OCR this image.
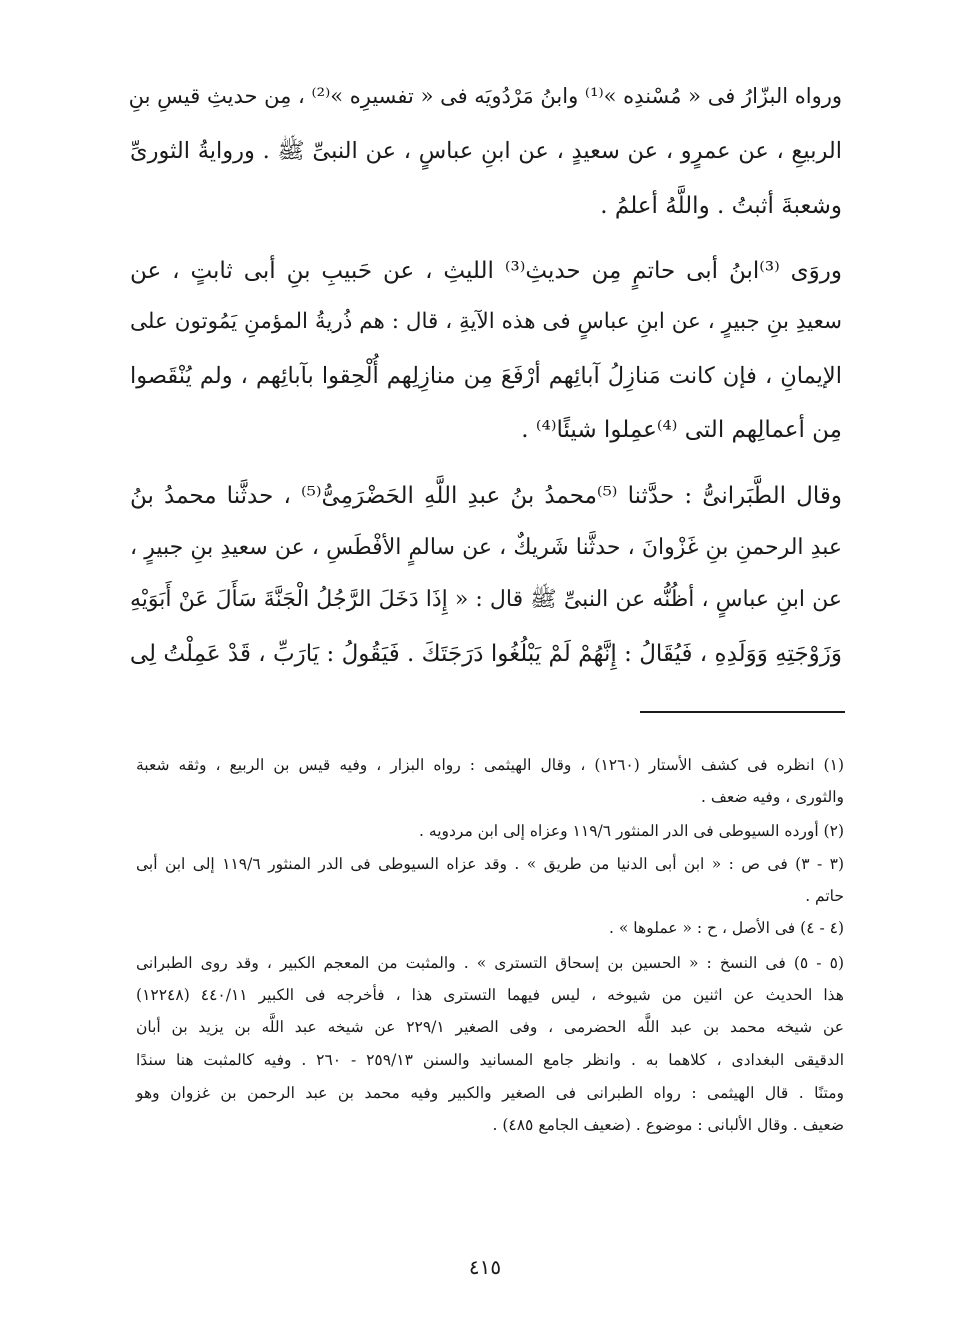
ورواه البزّارُ فى « مُسْندِه »⁽¹⁾ وابنُ مَرْدُويَه فى « تفسيرِه »⁽²⁾ ، مِن حديثِ قيسِ بنِ
الربيعِ ، عن عمرٍو ، عن سعيدٍ ، عن ابنِ عباسٍ ، عن النبىِّ ﷺ . وروايةُ الثورىِّ
وشعبةَ أثبتُ . واللَّهُ أعلمُ .
وروَى ⁽³⁾ابنُ أبى حاتمٍ مِن حديثِ⁽³⁾ الليثِ ، عن حَبيبِ بنِ أبى ثابتٍ ، عن
سعيدِ بنِ جبيرٍ ، عن ابنِ عباسٍ فى هذه الآيةِ ، قال : هم ذُريةُ المؤمنِ يَمُوتون على
الإيمانِ ، فإن كانت مَنازِلُ آبائِهم أرْفَعَ مِن منازِلِهم أُلْحِقوا بآبائِهم ، ولم يُنْقَصوا
مِن أعمالِهم التى ⁽⁴⁾عمِلوا شيئًا⁽⁴⁾ .
وقال الطَّبَرانىُّ : حدَّثنا ⁽⁵⁾محمدُ بنُ عبدِ اللَّهِ الحَضْرَمِىُّ⁽⁵⁾ ، حدثَّنا محمدُ بنُ
عبدِ الرحمنِ بنِ غَزْوانَ ، حدثَّنا شَريكٌ ، عن سالمٍ الأفْطَسِ ، عن سعيدِ بنِ جبيرٍ ،
عن ابنِ عباسٍ ، أظُنُّه عن النبىِّ ﷺ قال : « إِذَا دَخَلَ الرَّجُلُ الْجَنَّةَ سَأَلَ عَنْ أَبَوَيْهِ
وَزَوْجَتِهِ وَوَلَدِهِ ، فَيُقَالُ : إِنَّهُمْ لَمْ يَبْلُغُوا دَرَجَتَكَ . فَيَقُولُ : يَارَبِّ ، قَدْ عَمِلْتُ لِى
(١) انظره فى كشف الأستار (١٢٦٠) ، وقال الهيثمى : رواه البزار ، وفيه قيس بن الربيع ، وثقه شعبة
والثورى ، وفيه ضعف .
(٢) أورده السيوطى فى الدر المنثور ١١٩/٦ وعزاه إلى ابن مردويه .
(٣ - ٣) فى ص : « ابن أبى الدنيا من طريق » . وقد عزاه السيوطى فى الدر المنثور ١١٩/٦ إلى ابن أبى
حاتم .
(٤ - ٤) فى الأصل ، ح : « عملوها » .
(٥ - ٥) فى النسخ : « الحسين بن إسحاق التسترى » . والمثبت من المعجم الكبير ، وقد روى الطبرانى
هذا الحديث عن اثنين من شيوخه ، ليس فيهما التسترى هذا ، فأخرجه فى الكبير ٤٤٠/١١ (١٢٢٤٨)
عن شيخه محمد بن عبد اللَّه الحضرمى ، وفى الصغير ٢٢٩/١ عن شيخه عبد اللَّه بن يزيد بن أبان
الدقيقى البغدادى ، كلاهما به . وانظر جامع المسانيد والسنن ٢٥٩/١٣ - ٢٦٠ . وفيه كالمثبت هنا سندًا
ومتنًا . قال الهيثمى : رواه الطبرانى فى الصغير والكبير وفيه محمد بن عبد الرحمن بن غزوان وهو
ضعيف . وقال الألبانى : موضوع . (ضعيف الجامع ٤٨٥) .
٤١٥
